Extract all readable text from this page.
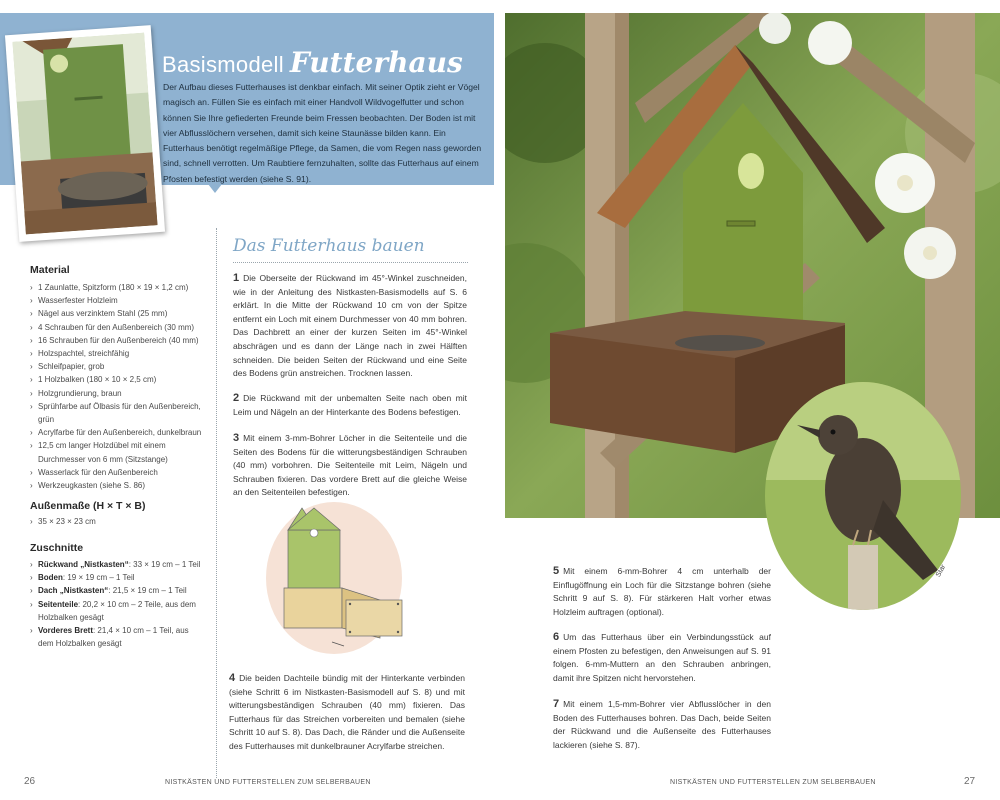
Basismodell Futterhaus
Der Aufbau dieses Futterhauses ist denkbar einfach. Mit seiner Optik zieht er Vögel magisch an. Füllen Sie es einfach mit einer Handvoll Wildvogelfutter und schon können Sie Ihre gefiederten Freunde beim Fressen beobachten. Der Boden ist mit vier Abflusslöchern versehen, damit sich keine Staunässe bilden kann. Ein Futterhaus benötigt regelmäßige Pflege, da Samen, die vom Regen nass geworden sind, schnell verrotten. Um Raubtiere fernzuhalten, sollte das Futterhaus auf einem Pfosten befestigt werden (siehe S. 91).
Material
› 1 Zaunlatte, Spitzform (180 × 19 × 1,2 cm)
› Wasserfester Holzleim
› Nägel aus verzinktem Stahl (25 mm)
› 4 Schrauben für den Außenbereich (30 mm)
› 16 Schrauben für den Außenbereich (40 mm)
› Holzspachtel, streichfähig
› Schleifpapier, grob
› 1 Holzbalken (180 × 10 × 2,5 cm)
› Holzgrundierung, braun
› Sprühfarbe auf Ölbasis für den Außenbereich, grün
› Acrylfarbe für den Außenbereich, dunkelbraun
› 12,5 cm langer Holzdübel mit einem Durchmesser von 6 mm (Sitzstange)
› Wasserlack für den Außenbereich
› Werkzeugkasten (siehe S. 86)
Außenmaße (H × T × B)
› 35 × 23 × 23 cm
Zuschnitte
› Rückwand „Nistkasten“: 33 × 19 cm – 1 Teil
› Boden: 19 × 19 cm – 1 Teil
› Dach „Nistkasten“: 21,5 × 19 cm – 1 Teil
› Seitenteile: 20,2 × 10 cm – 2 Teile, aus dem Holzbalken gesägt
› Vorderes Brett: 21,4 × 10 cm – 1 Teil, aus dem Holzbalken gesägt
Das Futterhaus bauen
1 Die Oberseite der Rückwand im 45°-Winkel zuschneiden, wie in der Anleitung des Nistkasten-Basismodells auf S. 6 erklärt. In die Mitte der Rückwand 10 cm von der Spitze entfernt ein Loch mit einem Durchmesser von 40 mm bohren. Das Dachbrett an einer der kurzen Seiten im 45°-Winkel abschrägen und es dann der Länge nach in zwei Hälften schneiden. Die beiden Seiten der Rückwand und eine Seite des Bodens grün anstreichen. Trocknen lassen.
2 Die Rückwand mit der unbemalten Seite nach oben mit Leim und Nägeln an der Hinterkante des Bodens befestigen.
3 Mit einem 3-mm-Bohrer Löcher in die Seitenteile und die Seiten des Bodens für die witterungsbeständigen Schrauben (40 mm) vorbohren. Die Seitenteile mit Leim, Nägeln und Schrauben fixieren. Das vordere Brett auf die gleiche Weise an den Seitenteilen befestigen.
4 Die beiden Dachteile bündig mit der Hinterkante verbinden (siehe Schritt 6 im Nistkasten-Basismodell auf S. 8) und mit witterungsbeständigen Schrauben (40 mm) fixieren. Das Futterhaus für das Streichen vorbereiten und bemalen (siehe Schritt 10 auf S. 8). Das Dach, die Ränder und die Außenseite des Futterhauses mit dunkelbrauner Acrylfarbe streichen.
26	NISTKÄSTEN UND FUTTERSTELLEN ZUM SELBERBAUEN
Star
5 Mit einem 6-mm-Bohrer 4 cm unterhalb der Einflugöffnung ein Loch für die Sitzstange bohren (siehe Schritt 9 auf S. 8). Für stärkeren Halt vorher etwas Holzleim auftragen (optional).
6 Um das Futterhaus über ein Verbindungsstück auf einem Pfosten zu befestigen, den Anweisungen auf S. 91 folgen. 6-mm-Muttern an den Schrauben anbringen, damit ihre Spitzen nicht hervorstehen.
7 Mit einem 1,5-mm-Bohrer vier Abflusslöcher in den Boden des Futterhauses bohren. Das Dach, beide Seiten der Rückwand und die Außenseite des Futterhauses lackieren (siehe S. 87).
NISTKÄSTEN UND FUTTERSTELLEN ZUM SELBERBAUEN	27
